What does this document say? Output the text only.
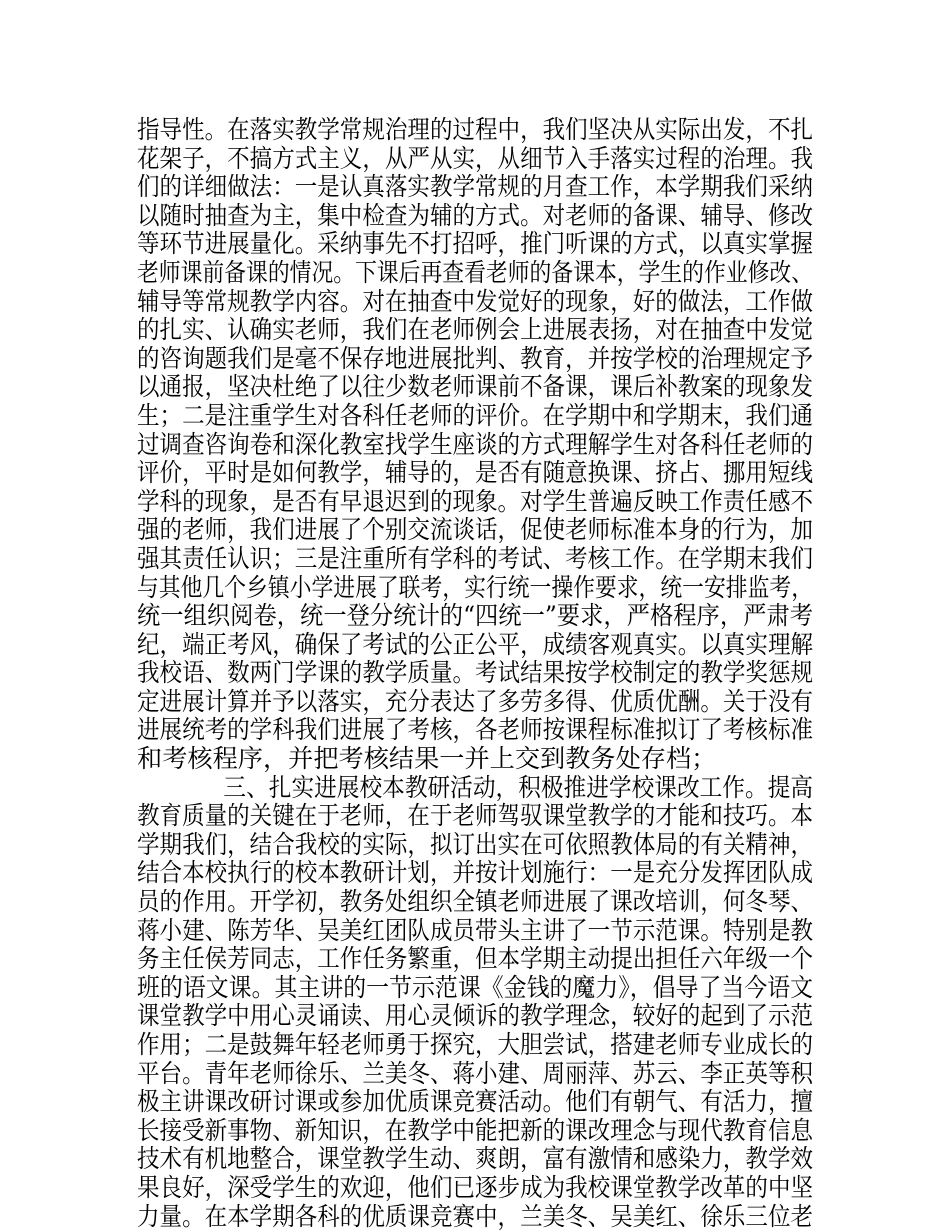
指导性。在落实教学常规治理的过程中，我们坚决从实际出发，不扎
花架子，不搞方式主义，从严从实，从细节入手落实过程的治理。我
们的详细做法：一是认真落实教学常规的月查工作，本学期我们采纳
以随时抽查为主，集中检查为辅的方式。对老师的备课、辅导、修改
等环节进展量化。采纳事先不打招呼，推门听课的方式，以真实掌握
老师课前备课的情况。下课后再查看老师的备课本，学生的作业修改、
辅导等常规教学内容。对在抽查中发觉好的现象，好的做法，工作做
的扎实、认确实老师，我们在老师例会上进展表扬，对在抽查中发觉
的咨询题我们是毫不保存地进展批判、教育，并按学校的治理规定予
以通报，坚决杜绝了以往少数老师课前不备课，课后补教案的现象发
生；二是注重学生对各科任老师的评价。在学期中和学期末，我们通
过调查咨询卷和深化教室找学生座谈的方式理解学生对各科任老师的
评价，平时是如何教学，辅导的，是否有随意换课、挤占、挪用短线
学科的现象，是否有早退迟到的现象。对学生普遍反映工作责任感不
强的老师，我们进展了个别交流谈话，促使老师标准本身的行为，加
强其责任认识；三是注重所有学科的考试、考核工作。在学期末我们
与其他几个乡镇小学进展了联考，实行统一操作要求，统一安排监考，
统一组织阅卷，统一登分统计的“四统一”要求，严格程序，严肃考
纪，端正考风，确保了考试的公正公平，成绩客观真实。以真实理解
我校语、数两门学课的教学质量。考试结果按学校制定的教学奖惩规
定进展计算并予以落实，充分表达了多劳多得、优质优酬。关于没有
进展统考的学科我们进展了考核，各老师按课程标准拟订了考核标准
和考核程序，并把考核结果一并上交到教务处存档；
三、扎实进展校本教研活动，积极推进学校课改工作。提高
教育质量的关键在于老师，在于老师驾驭课堂教学的才能和技巧。本
学期我们，结合我校的实际，拟订出实在可依照教体局的有关精神，
结合本校执行的校本教研计划，并按计划施行：一是充分发挥团队成
员的作用。开学初，教务处组织全镇老师进展了课改培训，何冬琴、
蒋小建、陈芳华、吴美红团队成员带头主讲了一节示范课。特别是教
务主任侯芳同志，工作任务繁重，但本学期主动提出担任六年级一个
班的语文课。其主讲的一节示范课《金钱的魔力》，倡导了当今语文
课堂教学中用心灵诵读、用心灵倾诉的教学理念，较好的起到了示范
作用；二是鼓舞年轻老师勇于探究，大胆尝试，搭建老师专业成长的
平台。青年老师徐乐、兰美冬、蒋小建、周丽萍、苏云、李正英等积
极主讲课改研讨课或参加优质课竞赛活动。他们有朝气、有活力，擅
长接受新事物、新知识，在教学中能把新的课改理念与现代教育信息
技术有机地整合，课堂教学生动、爽朗，富有激情和感染力，教学效
果良好，深受学生的欢迎，他们已逐步成为我校课堂教学改革的中坚
力量。在本学期各科的优质课竞赛中，兰美冬、吴美红、徐乐三位老
